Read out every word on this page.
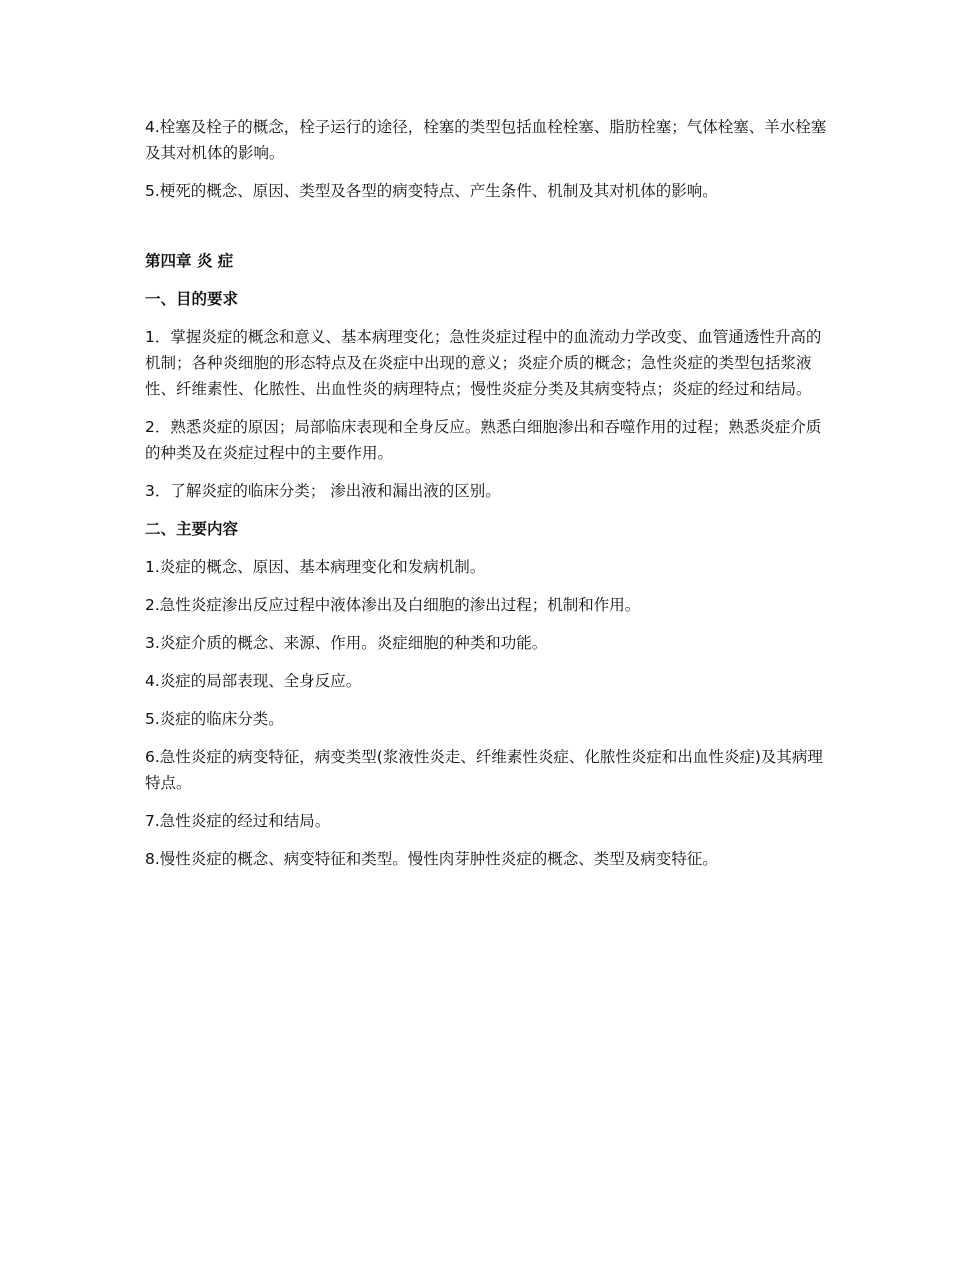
4.栓塞及栓子的概念，栓子运行的途径，栓塞的类型包括血栓栓塞、脂肪栓塞；气体栓塞、羊水栓塞及其对机体的影响。

5.梗死的概念、原因、类型及各型的病变特点、产生条件、机制及其对机体的影响。

第四章 炎 症

一、目的要求

1．掌握炎症的概念和意义、基本病理变化；急性炎症过程中的血流动力学改变、血管通透性升高的机制；各种炎细胞的形态特点及在炎症中出现的意义；炎症介质的概念；急性炎症的类型包括浆液性、纤维素性、化脓性、出血性炎的病理特点；慢性炎症分类及其病变特点；炎症的经过和结局。

2．熟悉炎症的原因；局部临床表现和全身反应。熟悉白细胞渗出和吞噬作用的过程；熟悉炎症介质的种类及在炎症过程中的主要作用。

3．了解炎症的临床分类； 渗出液和漏出液的区别。

二、主要内容

1.炎症的概念、原因、基本病理变化和发病机制。

2.急性炎症渗出反应过程中液体渗出及白细胞的渗出过程；机制和作用。

3.炎症介质的概念、来源、作用。炎症细胞的种类和功能。

4.炎症的局部表现、全身反应。

5.炎症的临床分类。

6.急性炎症的病变特征，病变类型(浆液性炎走、纤维素性炎症、化脓性炎症和出血性炎症)及其病理特点。

7.急性炎症的经过和结局。

8.慢性炎症的概念、病变特征和类型。慢性肉芽肿性炎症的概念、类型及病变特征。
